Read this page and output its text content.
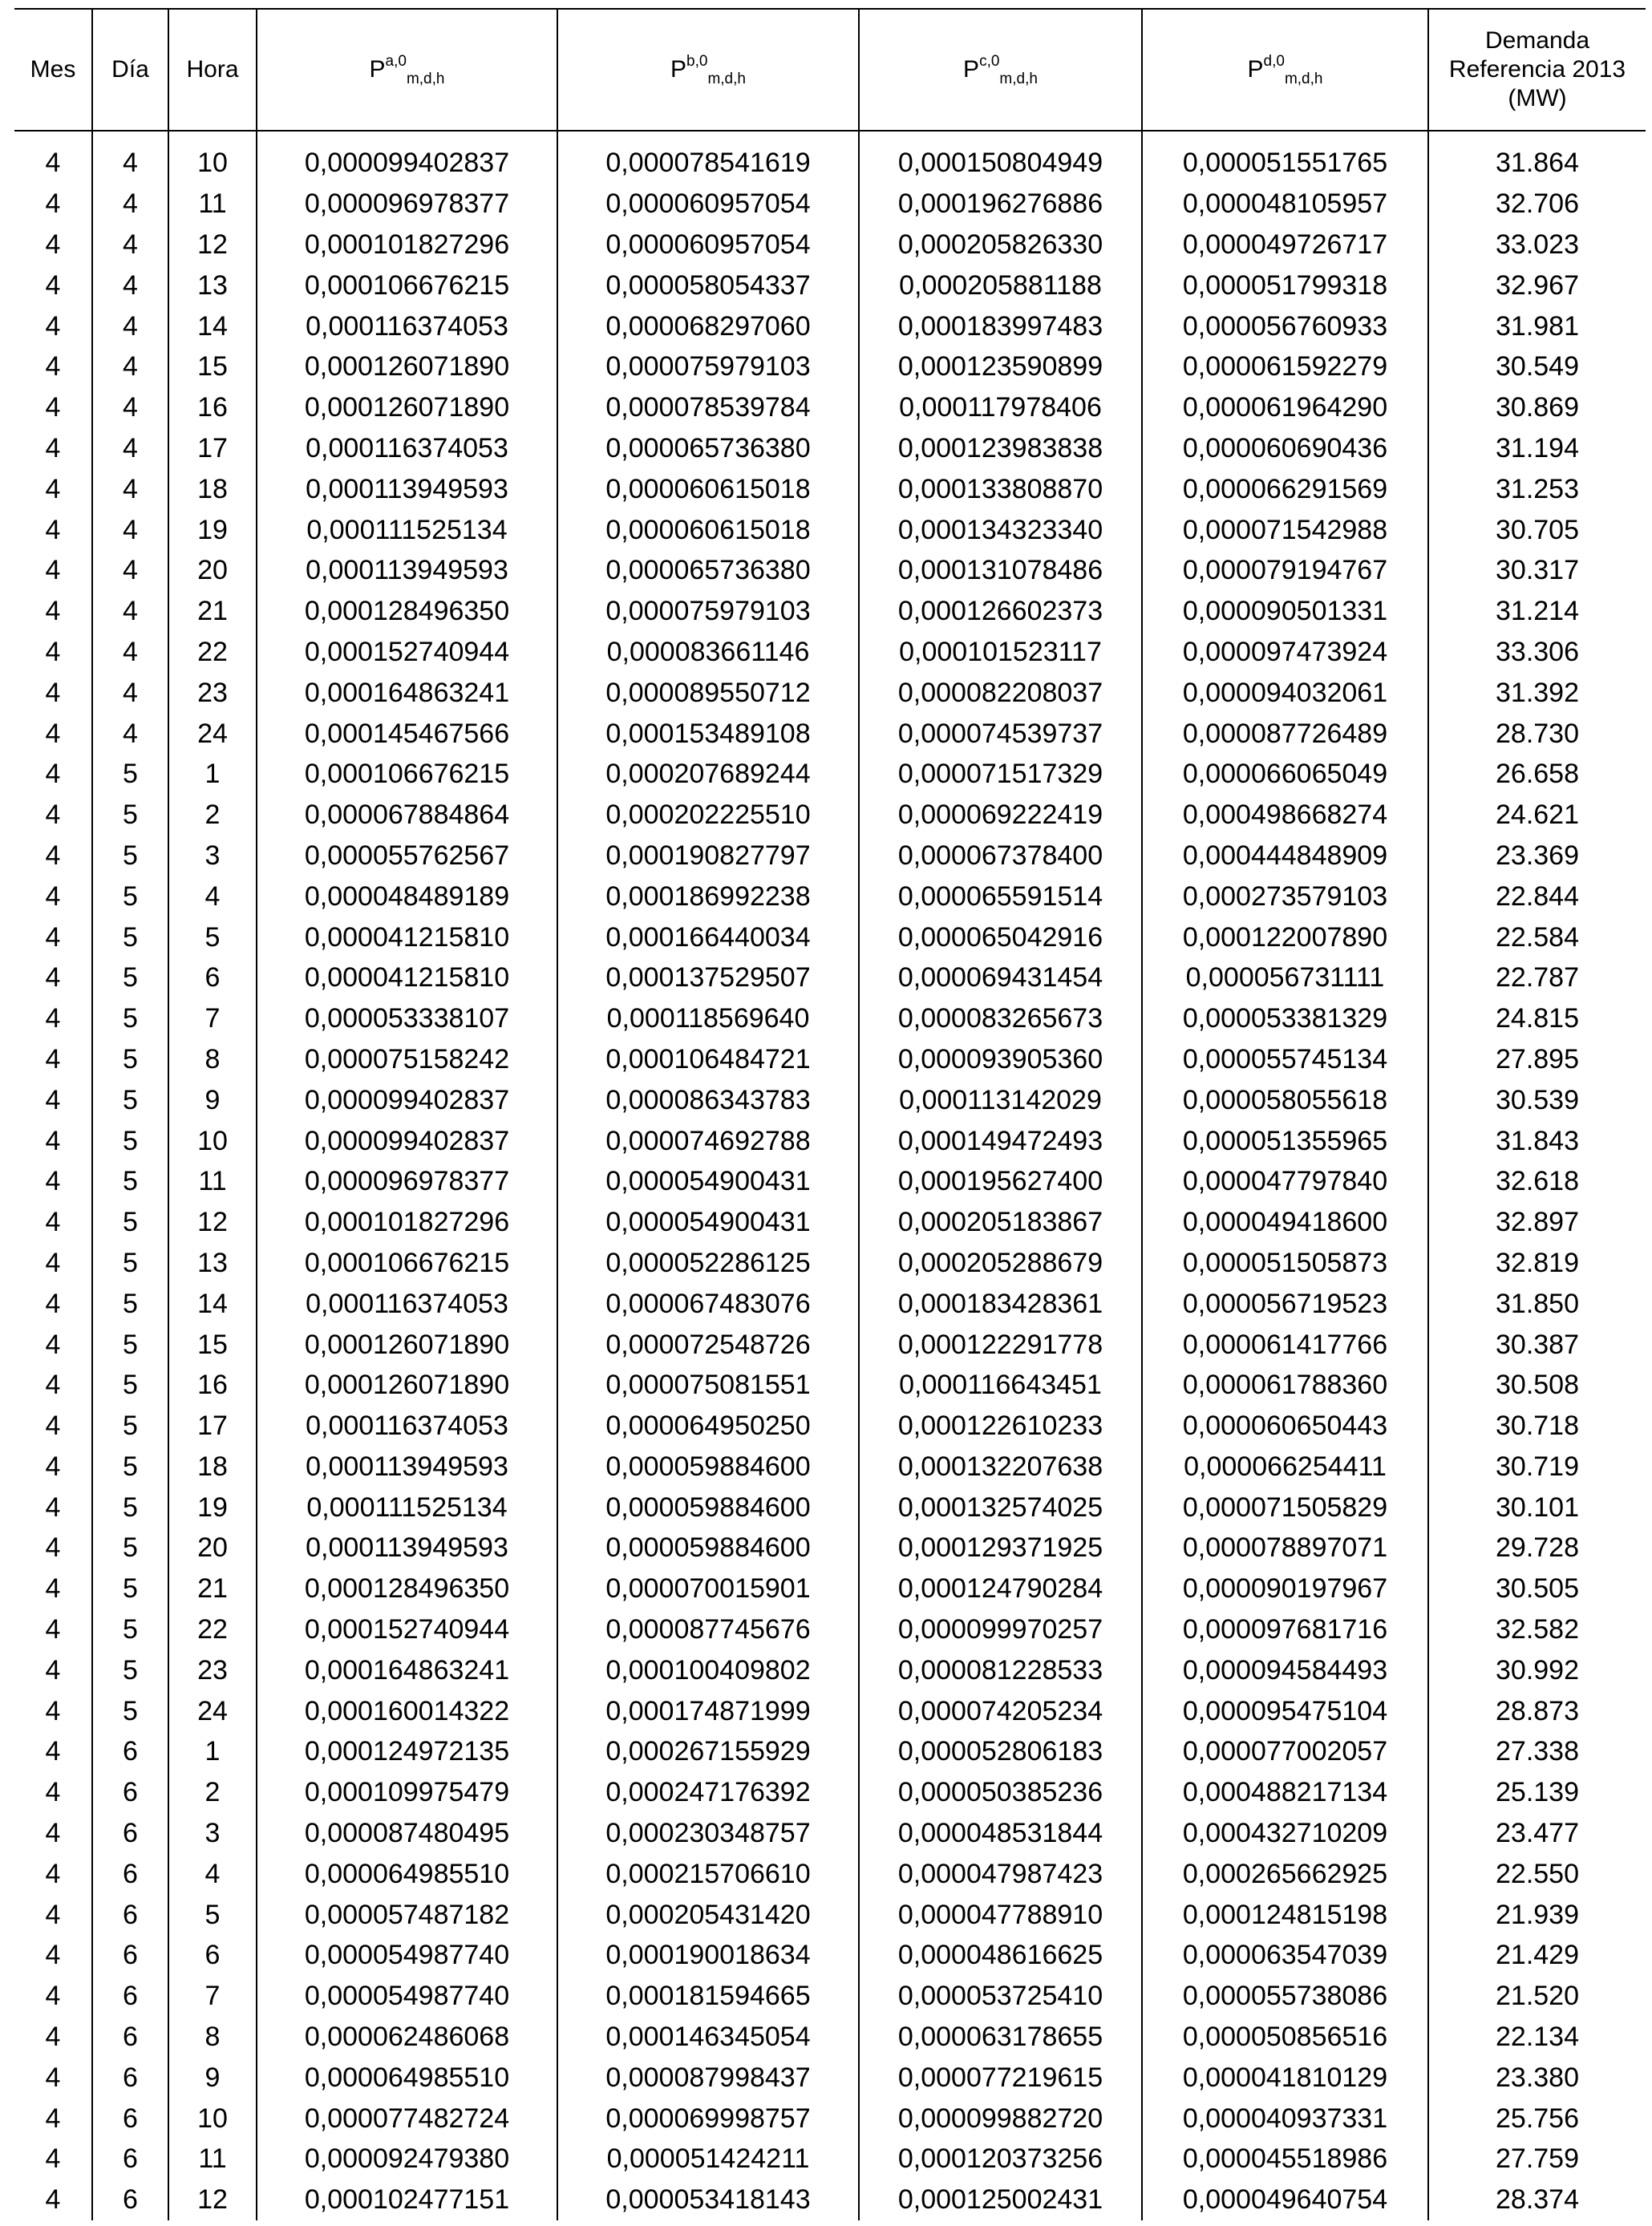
Mes	Día	Hora	P$^{a,0}_{m,d,h}$	P$^{b,0}_{m,d,h}$	P$^{c,0}_{m,d,h}$	P$^{d,0}_{m,d,h}$	Demanda Referencia 2013 (MW)
4	4	10	0,000099402837	0,000078541619	0,000150804949	0,000051551765	31.864
4	4	11	0,000096978377	0,000060957054	0,000196276886	0,000048105957	32.706
4	4	12	0,000101827296	0,000060957054	0,000205826330	0,000049726717	33.023
4	4	13	0,000106676215	0,000058054337	0,000205881188	0,000051799318	32.967
4	4	14	0,000116374053	0,000068297060	0,000183997483	0,000056760933	31.981
4	4	15	0,000126071890	0,000075979103	0,000123590899	0,000061592279	30.549
4	4	16	0,000126071890	0,000078539784	0,000117978406	0,000061964290	30.869
4	4	17	0,000116374053	0,000065736380	0,000123983838	0,000060690436	31.194
4	4	18	0,000113949593	0,000060615018	0,000133808870	0,000066291569	31.253
4	4	19	0,000111525134	0,000060615018	0,000134323340	0,000071542988	30.705
4	4	20	0,000113949593	0,000065736380	0,000131078486	0,000079194767	30.317
4	4	21	0,000128496350	0,000075979103	0,000126602373	0,000090501331	31.214
4	4	22	0,000152740944	0,000083661146	0,000101523117	0,000097473924	33.306
4	4	23	0,000164863241	0,000089550712	0,000082208037	0,000094032061	31.392
4	4	24	0,000145467566	0,000153489108	0,000074539737	0,000087726489	28.730
4	5	1	0,000106676215	0,000207689244	0,000071517329	0,000066065049	26.658
4	5	2	0,000067884864	0,000202225510	0,000069222419	0,000498668274	24.621
4	5	3	0,000055762567	0,000190827797	0,000067378400	0,000444848909	23.369
4	5	4	0,000048489189	0,000186992238	0,000065591514	0,000273579103	22.844
4	5	5	0,000041215810	0,000166440034	0,000065042916	0,000122007890	22.584
4	5	6	0,000041215810	0,000137529507	0,000069431454	0,000056731111	22.787
4	5	7	0,000053338107	0,000118569640	0,000083265673	0,000053381329	24.815
4	5	8	0,000075158242	0,000106484721	0,000093905360	0,000055745134	27.895
4	5	9	0,000099402837	0,000086343783	0,000113142029	0,000058055618	30.539
4	5	10	0,000099402837	0,000074692788	0,000149472493	0,000051355965	31.843
4	5	11	0,000096978377	0,000054900431	0,000195627400	0,000047797840	32.618
4	5	12	0,000101827296	0,000054900431	0,000205183867	0,000049418600	32.897
4	5	13	0,000106676215	0,000052286125	0,000205288679	0,000051505873	32.819
4	5	14	0,000116374053	0,000067483076	0,000183428361	0,000056719523	31.850
4	5	15	0,000126071890	0,000072548726	0,000122291778	0,000061417766	30.387
4	5	16	0,000126071890	0,000075081551	0,000116643451	0,000061788360	30.508
4	5	17	0,000116374053	0,000064950250	0,000122610233	0,000060650443	30.718
4	5	18	0,000113949593	0,000059884600	0,000132207638	0,000066254411	30.719
4	5	19	0,000111525134	0,000059884600	0,000132574025	0,000071505829	30.101
4	5	20	0,000113949593	0,000059884600	0,000129371925	0,000078897071	29.728
4	5	21	0,000128496350	0,000070015901	0,000124790284	0,000090197967	30.505
4	5	22	0,000152740944	0,000087745676	0,000099970257	0,000097681716	32.582
4	5	23	0,000164863241	0,000100409802	0,000081228533	0,000094584493	30.992
4	5	24	0,000160014322	0,000174871999	0,000074205234	0,000095475104	28.873
4	6	1	0,000124972135	0,000267155929	0,000052806183	0,000077002057	27.338
4	6	2	0,000109975479	0,000247176392	0,000050385236	0,000488217134	25.139
4	6	3	0,000087480495	0,000230348757	0,000048531844	0,000432710209	23.477
4	6	4	0,000064985510	0,000215706610	0,000047987423	0,000265662925	22.550
4	6	5	0,000057487182	0,000205431420	0,000047788910	0,000124815198	21.939
4	6	6	0,000054987740	0,000190018634	0,000048616625	0,000063547039	21.429
4	6	7	0,000054987740	0,000181594665	0,000053725410	0,000055738086	21.520
4	6	8	0,000062486068	0,000146345054	0,000063178655	0,000050856516	22.134
4	6	9	0,000064985510	0,000087998437	0,000077219615	0,000041810129	23.380
4	6	10	0,000077482724	0,000069998757	0,000099882720	0,000040937331	25.756
4	6	11	0,000092479380	0,000051424211	0,000120373256	0,000045518986	27.759
4	6	12	0,000102477151	0,000053418143	0,000125002431	0,000049640754	28.374
